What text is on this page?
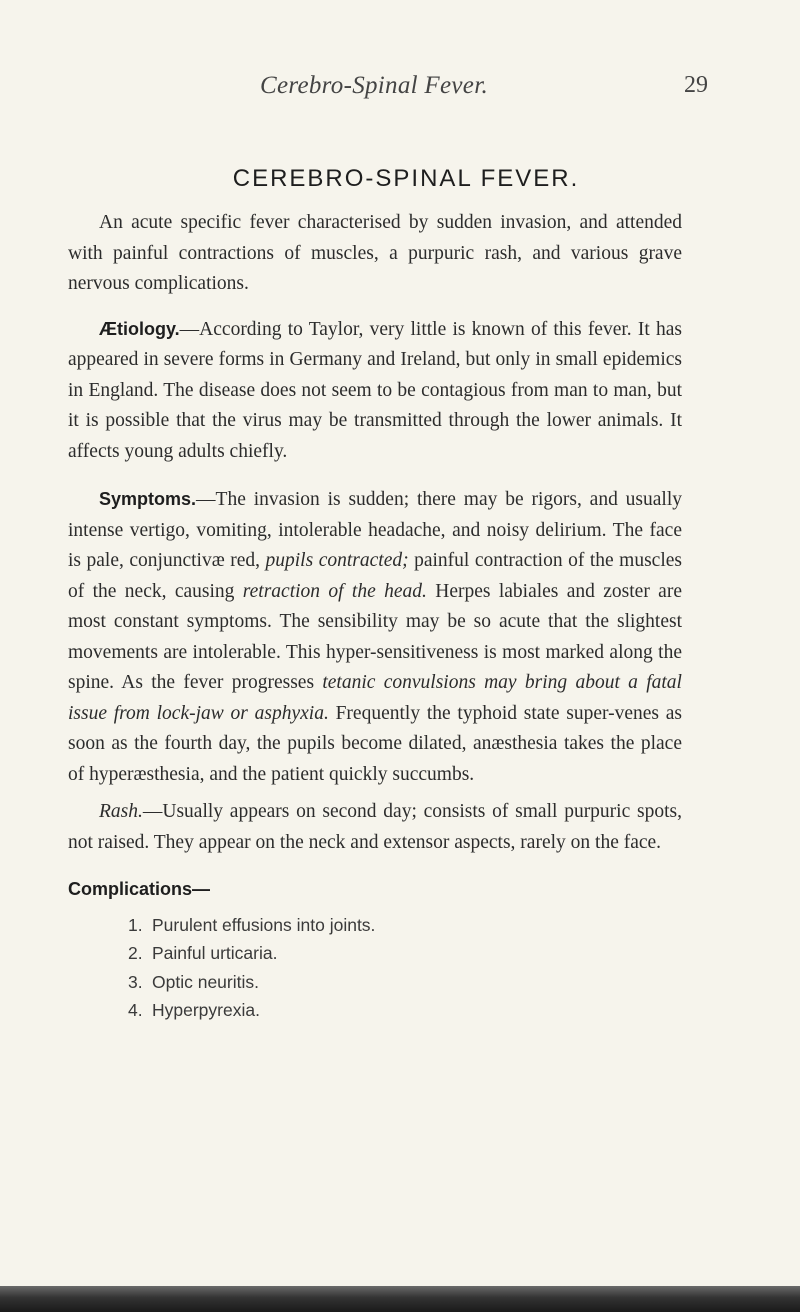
Cerebro-Spinal Fever.	29
CEREBRO-SPINAL FEVER.

An acute specific fever characterised by sudden invasion, and attended with painful contractions of muscles, a purpuric rash, and various grave nervous complications.

Ætiology.—According to Taylor, very little is known of this fever. It has appeared in severe forms in Germany and Ireland, but only in small epidemics in England. The disease does not seem to be contagious from man to man, but it is possible that the virus may be transmitted through the lower animals. It affects young adults chiefly.

Symptoms.—The invasion is sudden; there may be rigors, and usually intense vertigo, vomiting, intolerable headache, and noisy delirium. The face is pale, conjunctivæ red, pupils contracted; painful contraction of the muscles of the neck, causing retraction of the head. Herpes labiales and zoster are most constant symptoms. The sensibility may be so acute that the slightest movements are intolerable. This hyper-sensitiveness is most marked along the spine. As the fever progresses tetanic convulsions may bring about a fatal issue from lock-jaw or asphyxia. Frequently the typhoid state super-venes as soon as the fourth day, the pupils become dilated, anæsthesia takes the place of hyperæsthesia, and the patient quickly succumbs.

Rash.—Usually appears on second day; consists of small purpuric spots, not raised. They appear on the neck and extensor aspects, rarely on the face.

Complications—

1. Purulent effusions into joints.
2. Painful urticaria.
3. Optic neuritis.
4. Hyperpyrexia.
